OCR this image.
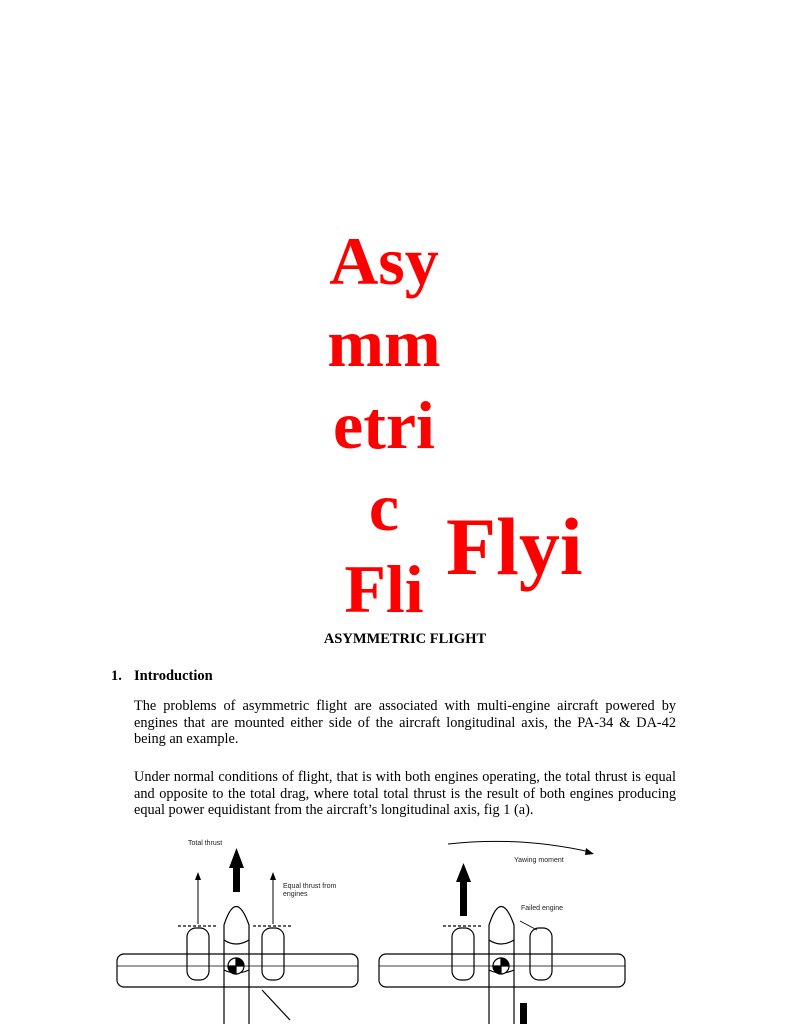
Asy
mm
etri
c
Fli Flyi
ASYMMETRIC FLIGHT
1. Introduction
The problems of asymmetric flight are associated with multi-engine aircraft powered by engines that are mounted either side of the aircraft longitudinal axis, the PA-34 & DA-42 being an example.
Under normal conditions of flight, that is with both engines operating, the total thrust is equal and opposite to the total drag, where total total thrust is the result of both engines producing equal power equidistant from the aircraft’s longitudinal axis, fig 1 (a).
Total thrust
Equal thrust from engines
Yawing moment
Failed engine
